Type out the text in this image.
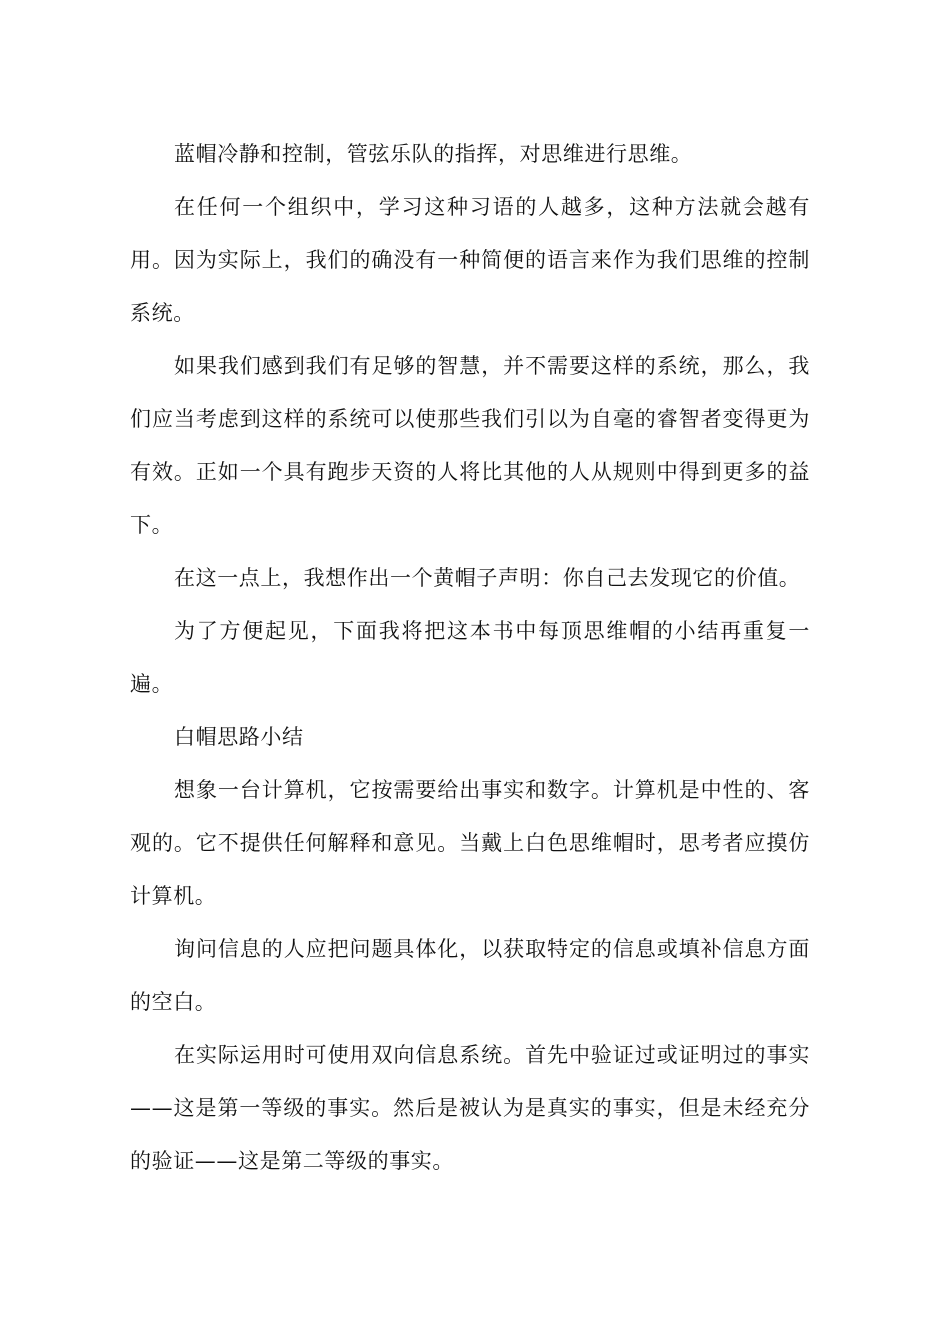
蓝帽冷静和控制，管弦乐队的指挥，对思维进行思维。

在任何一个组织中，学习这种习语的人越多，这种方法就会越有用。因为实际上，我们的确没有一种简便的语言来作为我们思维的控制系统。

如果我们感到我们有足够的智慧，并不需要这样的系统，那么，我们应当考虑到这样的系统可以使那些我们引以为自毫的睿智者变得更为有效。正如一个具有跑步天资的人将比其他的人从规则中得到更多的益下。

在这一点上，我想作出一个黄帽子声明：你自己去发现它的价值。

为了方便起见，下面我将把这本书中每顶思维帽的小结再重复一遍。

白帽思路小结

想象一台计算机，它按需要给出事实和数字。计算机是中性的、客观的。它不提供任何解释和意见。当戴上白色思维帽时，思考者应摸仿计算机。

询问信息的人应把问题具体化，以获取特定的信息或填补信息方面的空白。

在实际运用时可使用双向信息系统。首先中验证过或证明过的事实——这是第一等级的事实。然后是被认为是真实的事实，但是未经充分的验证——这是第二等级的事实。
